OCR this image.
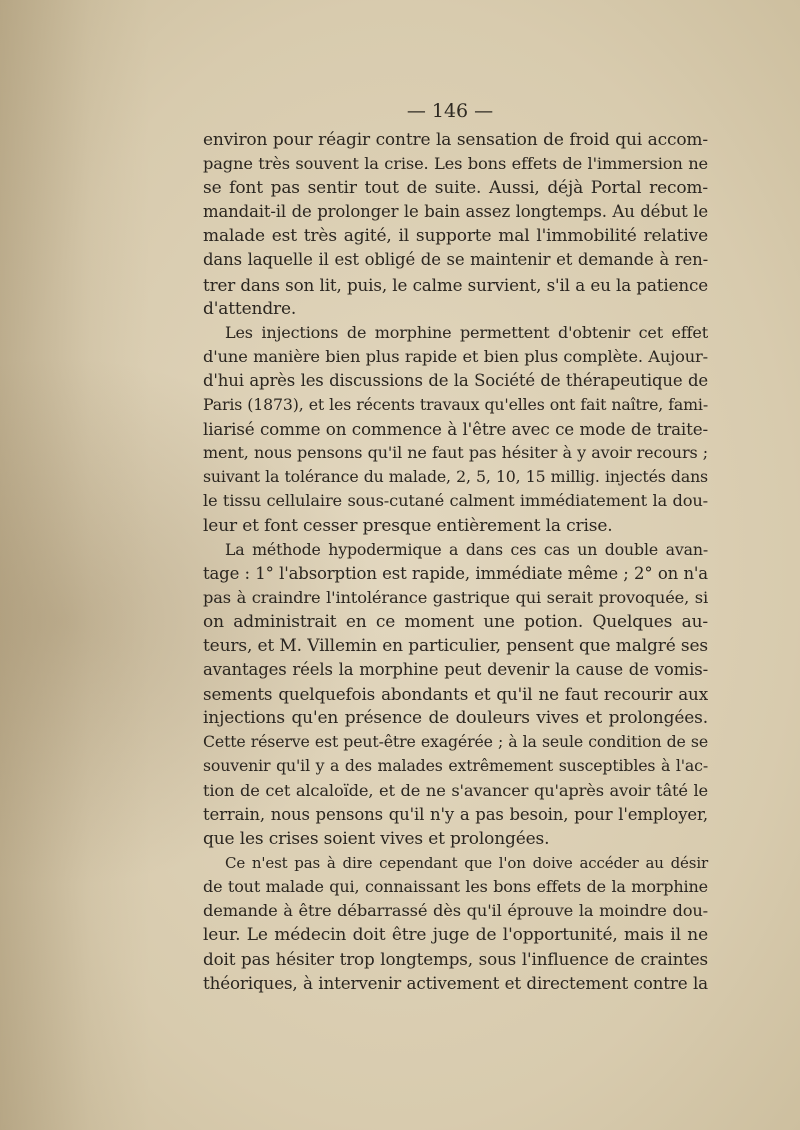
— 146 —
environ pour réagir contre la sensation de froid qui accom-
pagne très souvent la crise. Les bons effets de l'immersion ne
se font pas sentir tout de suite. Aussi, déjà Portal recom-
mandait-il de prolonger le bain assez longtemps. Au début le
malade est très agité, il supporte mal l'immobilité relative
dans laquelle il est obligé de se maintenir et demande à ren-
trer dans son lit, puis, le calme survient, s'il a eu la patience
d'attendre.
Les injections de morphine permettent d'obtenir cet effet
d'une manière bien plus rapide et bien plus complète. Aujour-
d'hui après les discussions de la Société de thérapeutique de
Paris (1873), et les récents travaux qu'elles ont fait naître, fami-
liarisé comme on commence à l'être avec ce mode de traite-
ment, nous pensons qu'il ne faut pas hésiter à y avoir recours ;
suivant la tolérance du malade, 2, 5, 10, 15 millig. injectés dans
le tissu cellulaire sous-cutané calment immédiatement la dou-
leur et font cesser presque entièrement la crise.
La méthode hypodermique a dans ces cas un double avan-
tage : 1° l'absorption est rapide, immédiate même ; 2° on n'a
pas à craindre l'intolérance gastrique qui serait provoquée, si
on administrait en ce moment une potion. Quelques au-
teurs, et M. Villemin en particulier, pensent que malgré ses
avantages réels la morphine peut devenir la cause de vomis-
sements quelquefois abondants et qu'il ne faut recourir aux
injections qu'en présence de douleurs vives et prolongées.
Cette réserve est peut-être exagérée ; à la seule condition de se
souvenir qu'il y a des malades extrêmement susceptibles à l'ac-
tion de cet alcaloïde, et de ne s'avancer qu'après avoir tâté le
terrain, nous pensons qu'il n'y a pas besoin, pour l'employer,
que les crises soient vives et prolongées.
Ce n'est pas à dire cependant que l'on doive accéder au désir
de tout malade qui, connaissant les bons effets de la morphine
demande à être débarrassé dès qu'il éprouve la moindre dou-
leur. Le médecin doit être juge de l'opportunité, mais il ne
doit pas hésiter trop longtemps, sous l'influence de craintes
théoriques, à intervenir activement et directement contre la
